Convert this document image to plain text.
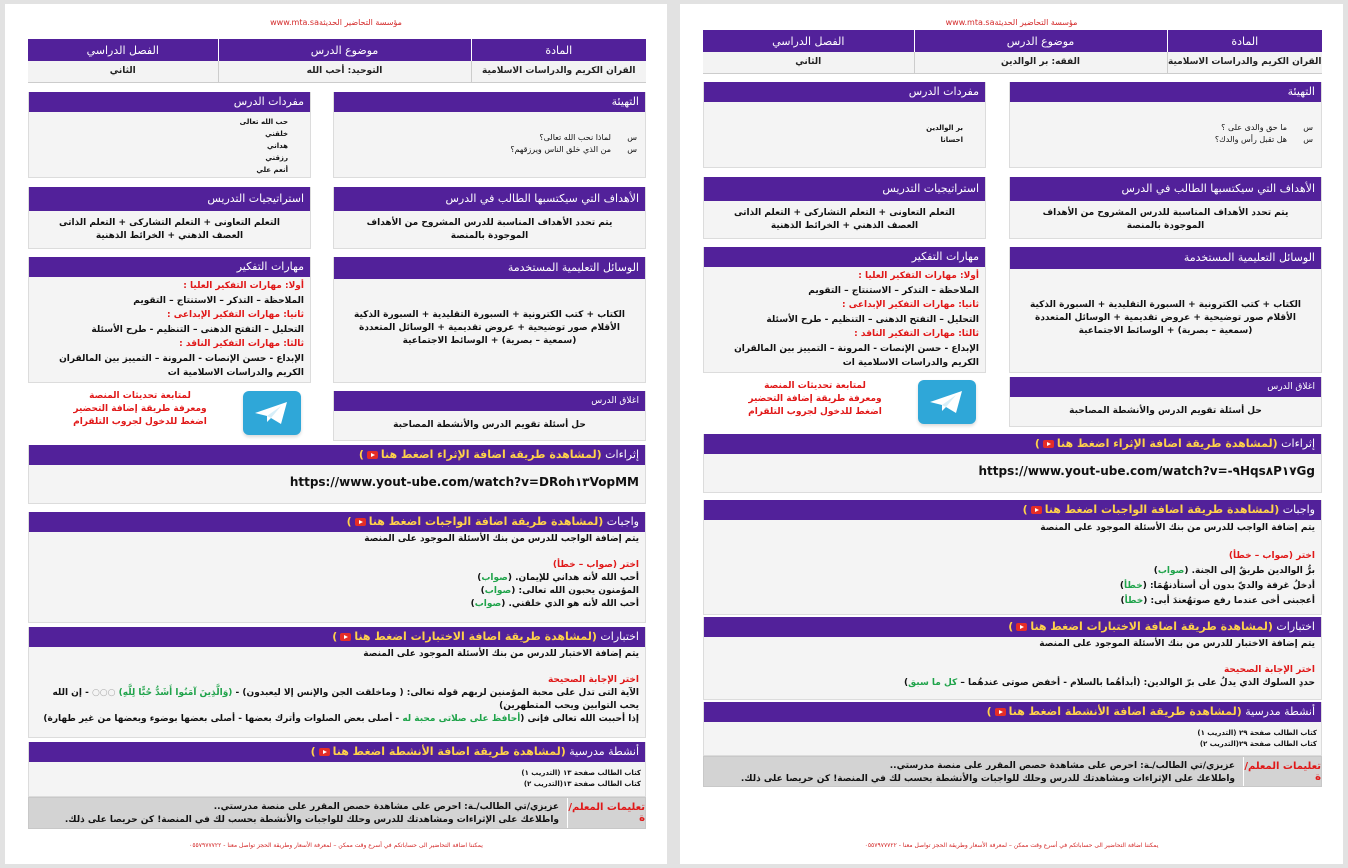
مؤسسة التحاضير الحديثةwww.mta.sa
المادة	موضوع الدرس	الفصل الدراسي
القران الكريم والدراسات الاسلامية	التوحيد: أحب الله	الثاني
التهيئة
س
لماذا نحب الله تعالى؟
س
من الذي خلق الناس ويرزقهم؟
مفردات الدرس
حب الله تعالى
خلقني
هداني
رزقني
أنعم علي
الأهداف التي سيكتسبها الطالب في الدرس
يتم تحدد الأهداف المناسبة للدرس المشروح من الأهداف الموجودة بالمنصة
استراتيجيات التدريس
التعلم التعاونى + التعلم التشاركى + التعلم الذاتى
العصف الذهني + الخرائط الذهنية
الوسائل التعليمية المستخدمة
الكتاب + كتب الكترونية + السبورة التقليدية + السبورة الذكية
الأقلام صور توضيحية + عروض تقديمية + الوسائل المتعددة
(سمعية – بصرية) + الوسائط الاجتماعية
مهارات التفكير
أولا: مهارات التفكير العليا :
الملاحظة – التذكر – الاستنتاج – التقويم
ثانيا: مهارات التفكير الإبداعى :
التحليل – التفتح الذهنى – التنظيم - طرح الأسئلة
ثالثا: مهارات التفكير الناقد :
الإبداع - حسن الإنصات - المرونة – التمييز بين المالقران الكريم والدراسات الاسلامية ات
لمتابعة تحديثات المنصة
ومعرفة طريقة إضافة التحضير
اضغط للدخول لجروب التلقرام
اغلاق الدرس
حل أسئلة تقويم الدرس والأنشطة المصاحبة
إثراءات (لمشاهدة طريقة اضافة الإثراء اضغط هنا)
https://www.yout-ube.com/watch?v=DRoh١٣VopMM
واجبات (لمشاهدة طريقة اضافة الواجبات اضغط هنا)
يتم إضافة الواجب للدرس من بنك الأسئلة الموجود على المنصة
اختر (صواب – خطأ)
أحب الله لأنه هداني للإيمان. (صواب)
المؤمنون يحبون الله تعالى: (صواب)
أحب الله لأنه هو الذي خلقني. (صواب)
اختبارات (لمشاهدة طريقة اضافة الاختبارات اضغط هنا)
يتم إضافة الاختبار للدرس من بنك الأسئلة الموجود على المنصة
اختر الإجابة الصحيحة
الآية التى تدل على محبة المؤمنين لربهم قوله تعالى: ( وماخلقت الجن والإنس إلا ليعبدون) - (وَالَّذِينَ آمَنُوا أَشَدُّ حُبًّا لِلَّهِ) ○○○ - إن الله يحب التوابين ويحب المتطهرين)
إذا أحببت الله تعالى فإنى (أحافظ على صلاتى محبة له - أصلى بعض الصلوات وأترك بعضها - أصلى بعضها بوضوء وبعضها من غير طهارة)
أنشطة مدرسية (لمشاهدة طريقة اضافة الأنشطة اضغط هنا)
كتاب الطالب صفحة ١٣ (التدريب ١)
كتاب الطالب صفحة ١٣(التدريب ٢)
تعليمات المعلم/ة
عزيزي/تي الطالب/ـة: احرص على مشاهدة حصص المقرر على منصة مدرستي..
واطلاعك على الإثراءات ومشاهدتك للدرس وحلك للواجبات والأنشطة بحسب لك في المنصة! كن حريصا على ذلك.
يمكننا اضافة التحاضير الى حساباتكم في أسرع وقت ممكن – لمعرفة الأسعار وطريقة الحجز تواصل معنا - ٠٥٥٧٩٧٧٧٢٢
مؤسسة التحاضير الحديثةwww.mta.sa
المادة	موضوع الدرس	الفصل الدراسي
القران الكريم والدراسات الاسلامية	الفقه: بر الوالدين	الثاني
التهيئة
س
ما حق والدى على ؟
س
هل تقبل رأس والدك؟
مفردات الدرس
بر الوالدين
احسانا
الأهداف التي سيكتسبها الطالب في الدرس
يتم تحدد الأهداف المناسبة للدرس المشروح من الأهداف الموجودة بالمنصة
استراتيجيات التدريس
التعلم التعاونى + التعلم التشاركى + التعلم الذاتى
العصف الذهني + الخرائط الذهنية
الوسائل التعليمية المستخدمة
الكتاب + كتب الكترونية + السبورة التقليدية + السبورة الذكية
الأقلام صور توضيحية + عروض تقديمية + الوسائل المتعددة
(سمعية – بصرية) + الوسائط الاجتماعية
مهارات التفكير
أولا: مهارات التفكير العليا :
الملاحظة – التذكر – الاستنتاج – التقويم
ثانيا: مهارات التفكير الإبداعى :
التحليل – التفتح الذهنى – التنظيم - طرح الأسئلة
ثالثا: مهارات التفكير الناقد :
الإبداع - حسن الإنصات - المرونة – التمييز بين المالقران الكريم والدراسات الاسلامية ات
لمتابعة تحديثات المنصة
ومعرفة طريقة إضافة التحضير
اضغط للدخول لجروب التلقرام
اغلاق الدرس
حل أسئلة تقويم الدرس والأنشطة المصاحبة
إثراءات (لمشاهدة طريقة اضافة الإثراء اضغط هنا)
https://www.yout-ube.com/watch?v=-٩Hqs٨P١٧Gg
واجبات (لمشاهدة طريقة اضافة الواجبات اضغط هنا)
يتم إضافة الواجب للدرس من بنك الأسئلة الموجود على المنصة
اختر (صواب – خطأ)
برُّ الوالدين طريقٌ إلى الجنة. (صواب)
أدخلُ غرفة والديّ بدون أن أستأذنهُمَا: (خطأ)
أعجبنى أخى عندما رفع صوتهُعندَ أبى: (خطأ)
اختبارات (لمشاهدة طريقة اضافة الاختبارات اضغط هنا)
يتم إضافة الاختبار للدرس من بنك الأسئلة الموجود على المنصة
اختر الإجابة الصحيحة
حددِ السلوك الذي يدلُ على برّ الوالدين: (أبدأهُما بالسلام - أخفض صوتى عندهُما – كل ما سبق)
أنشطة مدرسية (لمشاهدة طريقة اضافة الأنشطة اضغط هنا)
كتاب الطالب صفحة ٢٩ (التدريب ١)
كتاب الطالب صفحة ٢٩(التدريب ٢)
تعليمات المعلم/ة
عزيزي/تي الطالب/ـة: احرص على مشاهدة حصص المقرر على منصة مدرستي..
واطلاعك على الإثراءات ومشاهدتك للدرس وحلك للواجبات والأنشطة بحسب لك في المنصة! كن حريصا على ذلك.
يمكننا اضافة التحاضير الى حساباتكم في أسرع وقت ممكن – لمعرفة الأسعار وطريقة الحجز تواصل معنا - ٠٥٥٧٩٧٧٧٢٢
